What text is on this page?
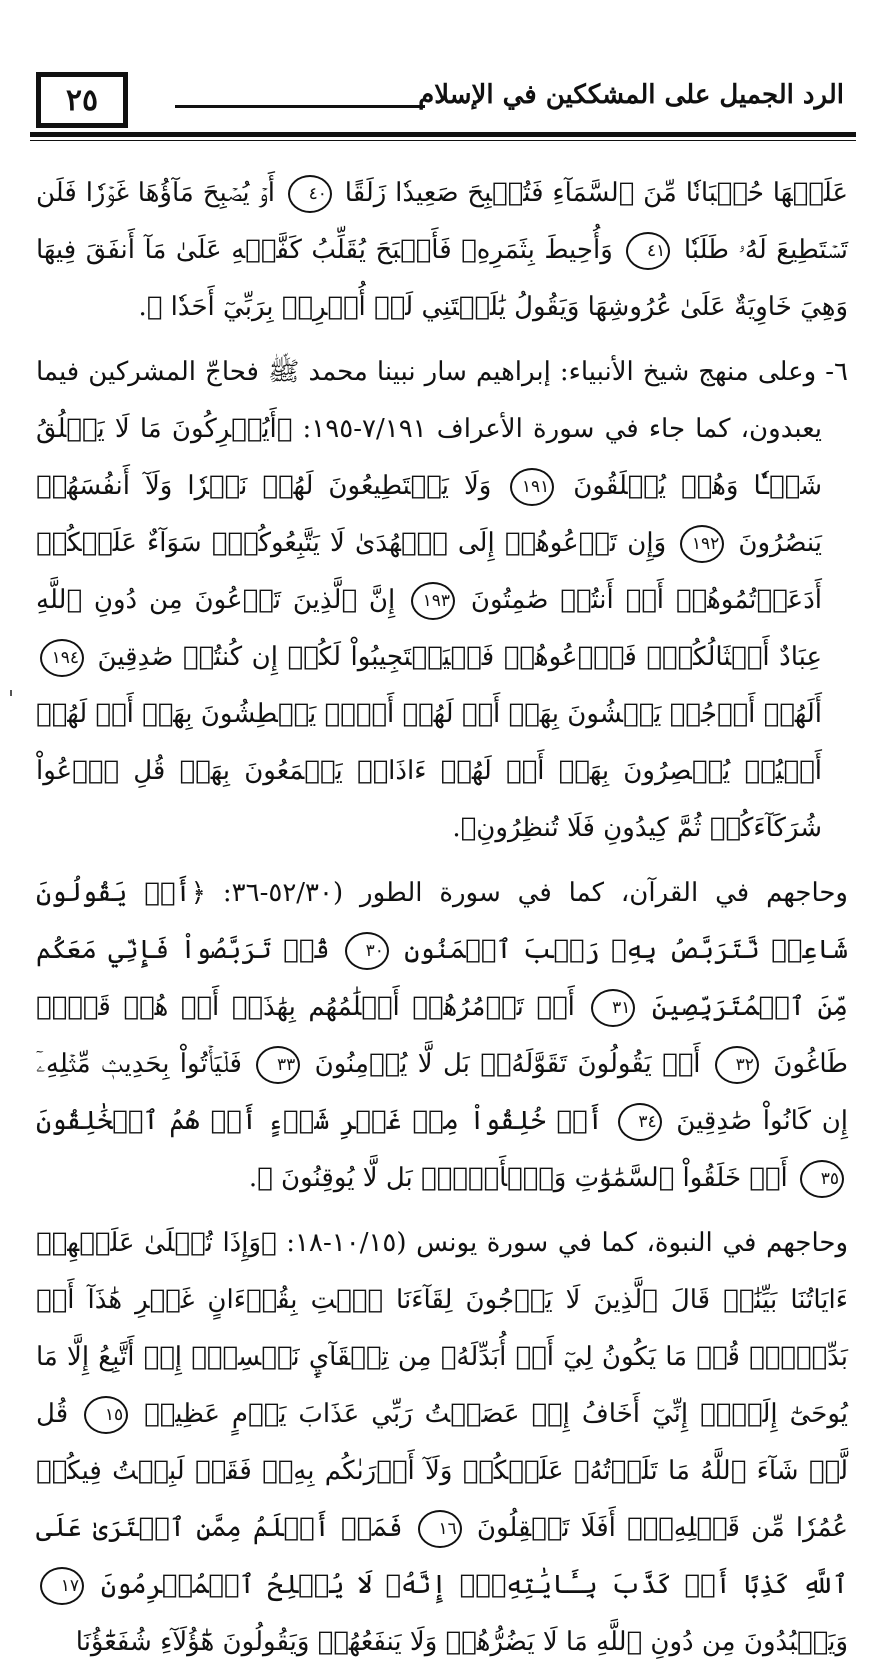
٢٥	الرد الجميل على المشككين في الإسلام

عَلَيۡهَا حُسۡبَانٗا مِّنَ ٱلسَّمَآءِ فَتُصۡبِحَ صَعِيدٗا زَلَقًا ٤٠ أَوۡ يُصۡبِحَ مَآؤُهَا غَوۡرٗا فَلَن تَسۡتَطِيعَ لَهُۥ طَلَبٗا ٤١ وَأُحِيطَ بِثَمَرِهِۦ فَأَصۡبَحَ يُقَلِّبُ كَفَّيۡهِ عَلَىٰ مَآ أَنفَقَ فِيهَا وَهِيَ خَاوِيَةٌ عَلَىٰ عُرُوشِهَا وَيَقُولُ يَٰلَيۡتَنِي لَمۡ أُشۡرِكۡ بِرَبِّيٓ أَحَدٗا ﴾.

٦- وعلى منهج شيخ الأنبياء: إبراهيم سار نبينا محمد ﷺ فحاجّ المشركين فيما يعبدون، كما جاء في سورة الأعراف ٧/١٩١-١٩٥: ﴿أَيُشۡرِكُونَ مَا لَا يَخۡلُقُ شَيۡـٔٗا وَهُمۡ يُخۡلَقُونَ ١٩١ وَلَا يَسۡتَطِيعُونَ لَهُمۡ نَصۡرٗا وَلَآ أَنفُسَهُمۡ يَنصُرُونَ ١٩٢ وَإِن تَدۡعُوهُمۡ إِلَى ٱلۡهُدَىٰ لَا يَتَّبِعُوكُمۡۚ سَوَآءٌ عَلَيۡكُمۡ أَدَعَوۡتُمُوهُمۡ أَمۡ أَنتُمۡ صَٰمِتُونَ ١٩٣ إِنَّ ٱلَّذِينَ تَدۡعُونَ مِن دُونِ ٱللَّهِ عِبَادٌ أَمۡثَالُكُمۡۖ فَٱدۡعُوهُمۡ فَلۡيَسۡتَجِيبُواْ لَكُمۡ إِن كُنتُمۡ صَٰدِقِينَ ١٩٤ أَلَهُمۡ أَرۡجُلٞ يَمۡشُونَ بِهَآۖ أَمۡ لَهُمۡ أَيۡدٖ يَبۡطِشُونَ بِهَآۖ أَمۡ لَهُمۡ أَعۡيُنٞ يُبۡصِرُونَ بِهَآۖ أَمۡ لَهُمۡ ءَاذَانٞ يَسۡمَعُونَ بِهَاۗ قُلِ ٱدۡعُواْ شُرَكَآءَكُمۡ ثُمَّ كِيدُونِ فَلَا تُنظِرُونِ﴾.

وحاجهم في القرآن، كما في سورة الطور (٥٢/٣٠-٣٦: ﴿أَمۡ يَقُولُونَ شَاعِرٞ نَّتَرَبَّصُ بِهِۦ رَيۡبَ ٱلۡمَنُونِ ٣٠ قُلۡ تَرَبَّصُواْ فَإِنِّي مَعَكُم مِّنَ ٱلۡمُتَرَبِّصِينَ ٣١ أَمۡ تَأۡمُرُهُمۡ أَحۡلَٰمُهُم بِهَٰذَآۚ أَمۡ هُمۡ قَوۡمٞ طَاغُونَ ٣٢ أَمۡ يَقُولُونَ تَقَوَّلَهُۥۚ بَل لَّا يُؤۡمِنُونَ ٣٣ فَلۡيَأۡتُواْ بِحَدِيثٖ مِّثۡلِهِۦٓ إِن كَانُواْ صَٰدِقِينَ ٣٤ أَمۡ خُلِقُواْ مِنۡ غَيۡرِ شَيۡءٍ أَمۡ هُمُ ٱلۡخَٰلِقُونَ ٣٥ أَمۡ خَلَقُواْ ٱلسَّمَٰوَٰتِ وَٱلۡأَرۡضَۚ بَل لَّا يُوقِنُونَ ﴾.

وحاجهم في النبوة، كما في سورة يونس (١٠/١٥-١٨: ﴿وَإِذَا تُتۡلَىٰ عَلَيۡهِمۡ ءَايَاتُنَا بَيِّنَٰتٖ قَالَ ٱلَّذِينَ لَا يَرۡجُونَ لِقَآءَنَا ٱئۡتِ بِقُرۡءَانٍ غَيۡرِ هَٰذَآ أَوۡ بَدِّلۡهُۚ قُلۡ مَا يَكُونُ لِيٓ أَنۡ أُبَدِّلَهُۥ مِن تِلۡقَآيِٕ نَفۡسِيٓۖ إِنۡ أَتَّبِعُ إِلَّا مَا يُوحَىٰٓ إِلَيَّۖ إِنِّيٓ أَخَافُ إِنۡ عَصَيۡتُ رَبِّي عَذَابَ يَوۡمٍ عَظِيمٖ ١٥ قُل لَّوۡ شَآءَ ٱللَّهُ مَا تَلَوۡتُهُۥ عَلَيۡكُمۡ وَلَآ أَدۡرَىٰكُم بِهِۦۖ فَقَدۡ لَبِثۡتُ فِيكُمۡ عُمُرٗا مِّن قَبۡلِهِۦٓۚ أَفَلَا تَعۡقِلُونَ ١٦ فَمَنۡ أَظۡلَمُ مِمَّنِ ٱفۡتَرَىٰ عَلَى ٱللَّهِ كَذِبًا أَوۡ كَذَّبَ بِـَٔايَٰتِهِۦٓۚ إِنَّهُۥ لَا يُفۡلِحُ ٱلۡمُجۡرِمُونَ ١٧ وَيَعۡبُدُونَ مِن دُونِ ٱللَّهِ مَا لَا يَضُرُّهُمۡ وَلَا يَنفَعُهُمۡ وَيَقُولُونَ هَٰٓؤُلَآءِ شُفَعَٰٓؤُنَا
